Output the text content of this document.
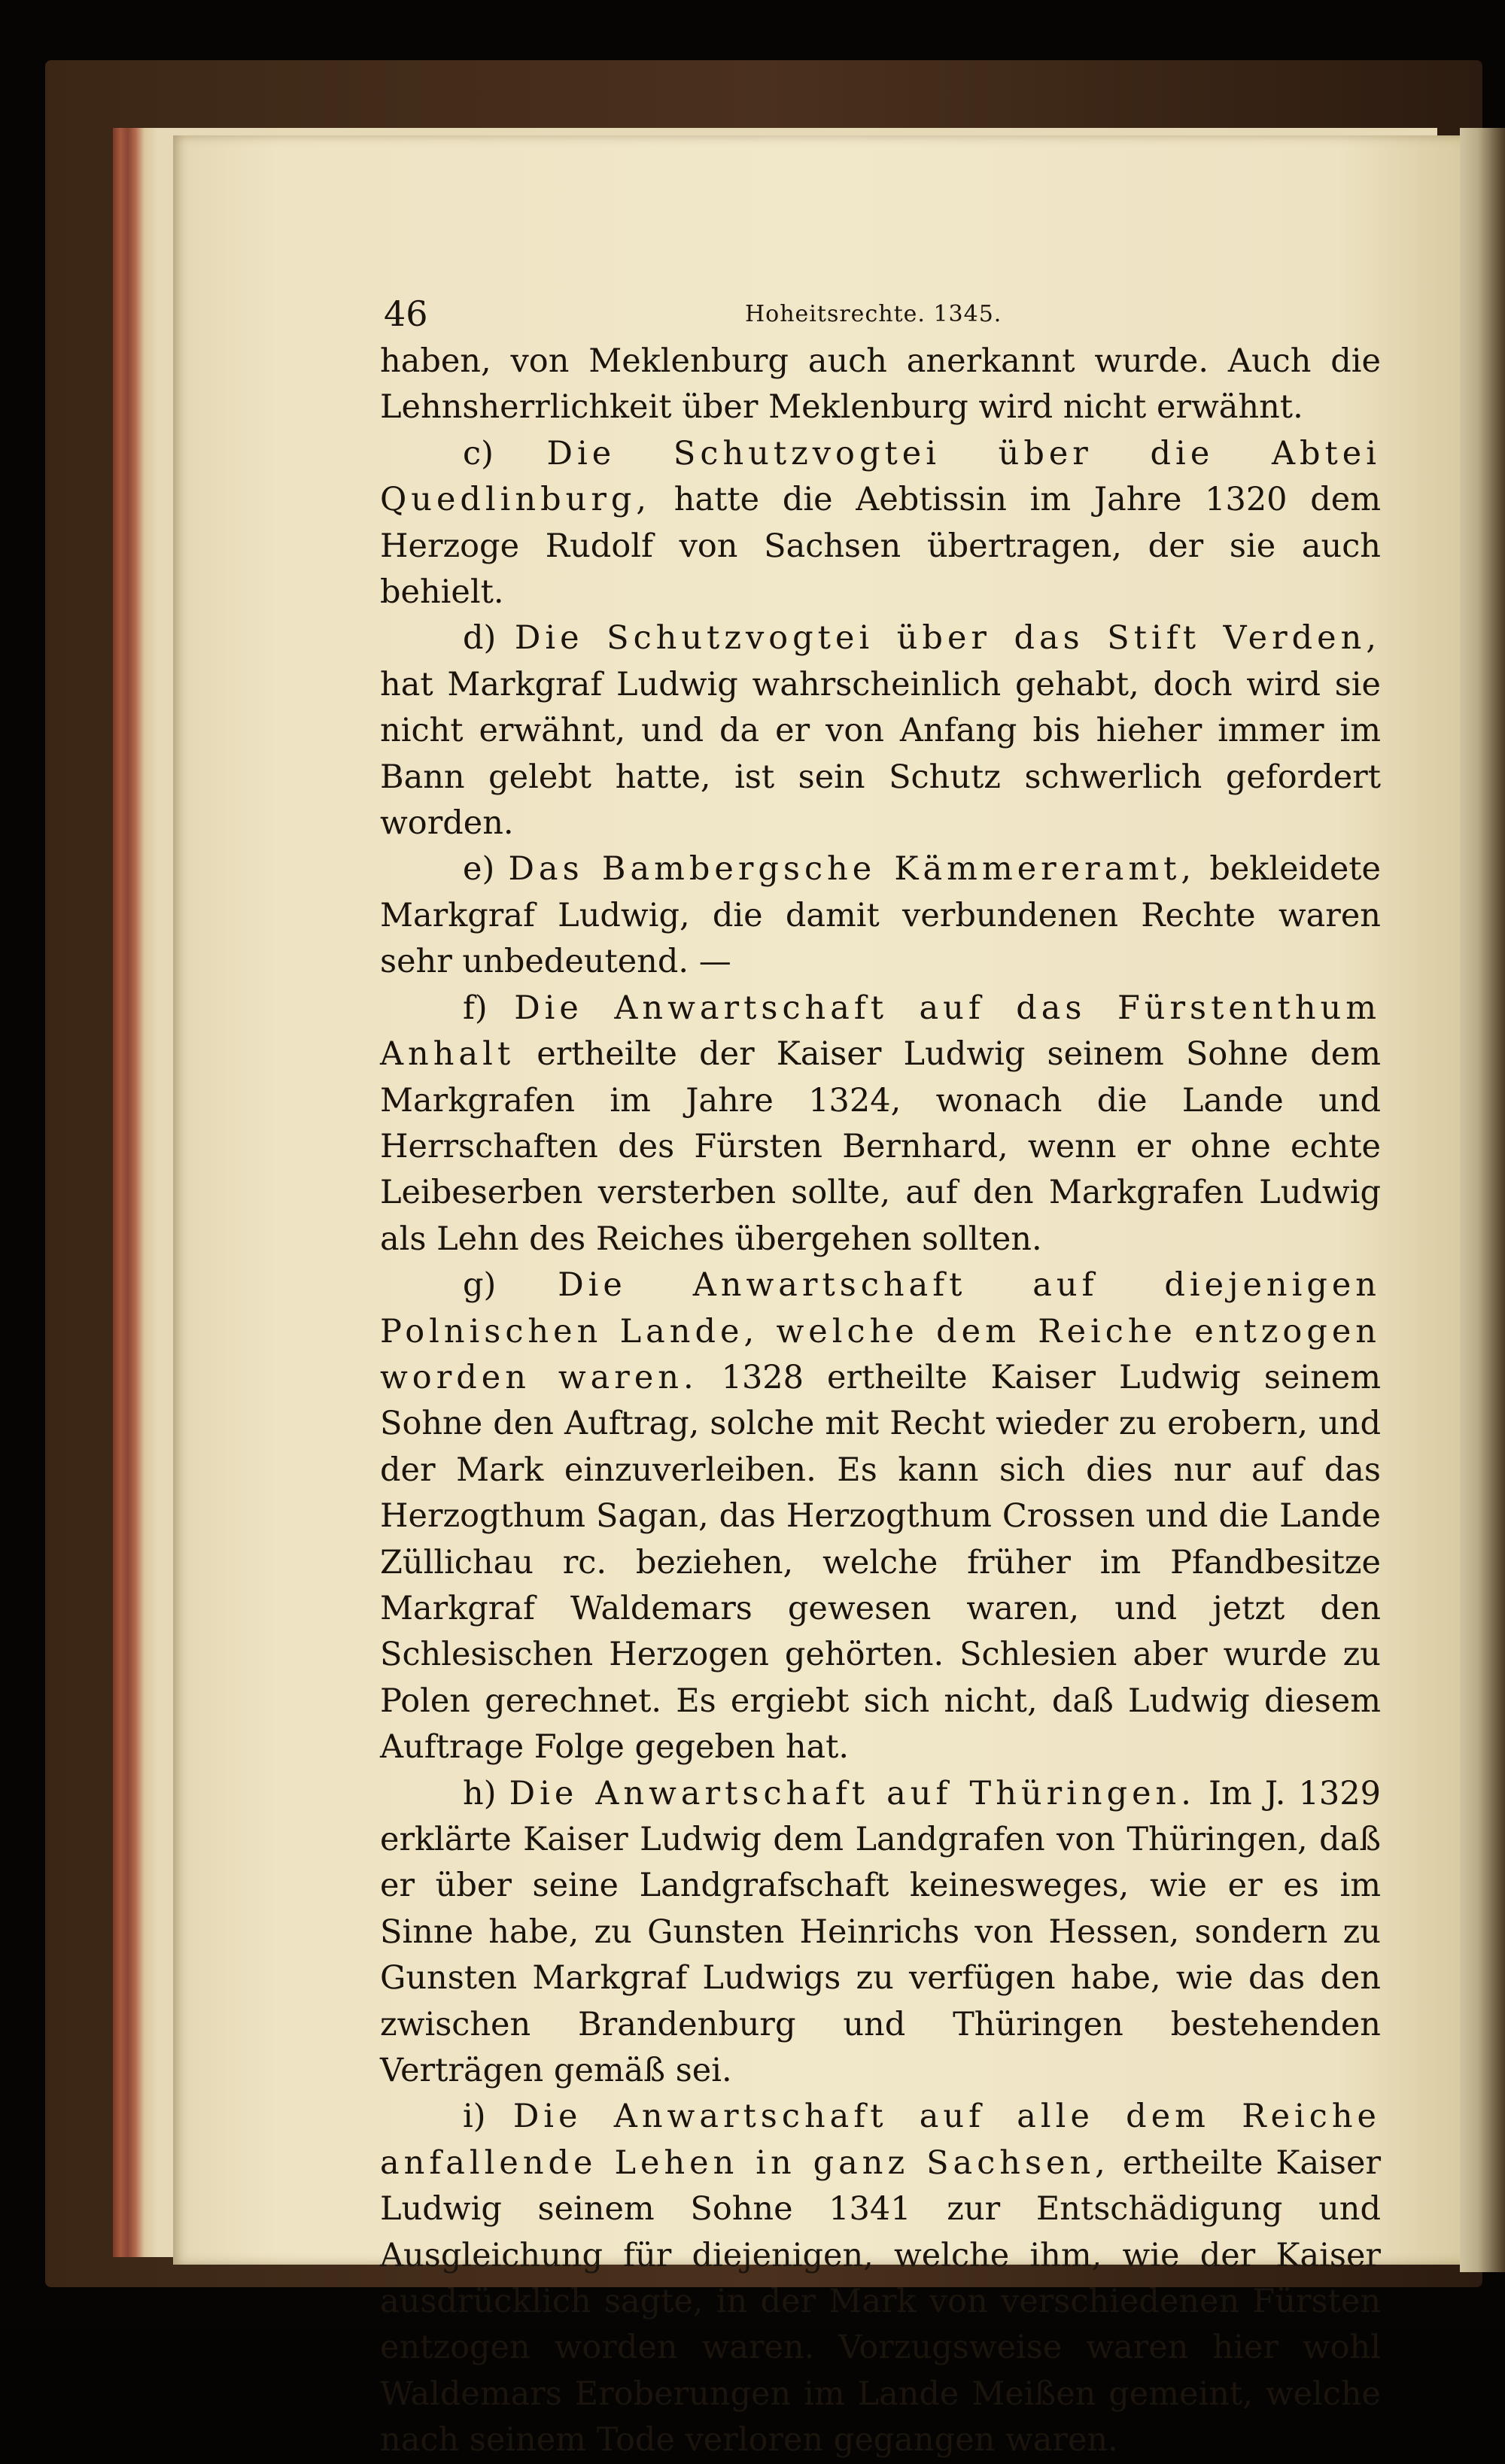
46	Hoheitsrechte. 1345.

haben, von Meklenburg auch anerkannt wurde. Auch die Lehnsherrlichkeit über Meklenburg wird nicht erwähnt.

c) Die Schutzvogtei über die Abtei Quedlinburg, hatte die Aebtissin im Jahre 1320 dem Herzoge Rudolf von Sachsen übertragen, der sie auch behielt.

d) Die Schutzvogtei über das Stift Verden, hat Markgraf Ludwig wahrscheinlich gehabt, doch wird sie nicht erwähnt, und da er von Anfang bis hieher immer im Bann gelebt hatte, ist sein Schutz schwerlich gefordert worden.

e) Das Bambergsche Kämmereramt, bekleidete Markgraf Ludwig, die damit verbundenen Rechte waren sehr unbedeutend. —

f) Die Anwartschaft auf das Fürstenthum Anhalt ertheilte der Kaiser Ludwig seinem Sohne dem Markgrafen im Jahre 1324, wonach die Lande und Herrschaften des Fürsten Bernhard, wenn er ohne echte Leibeserben versterben sollte, auf den Markgrafen Ludwig als Lehn des Reiches übergehen sollten.

g) Die Anwartschaft auf diejenigen Polnischen Lande, welche dem Reiche entzogen worden waren. 1328 ertheilte Kaiser Ludwig seinem Sohne den Auftrag, solche mit Recht wieder zu erobern, und der Mark einzuverleiben. Es kann sich dies nur auf das Herzogthum Sagan, das Herzogthum Crossen und die Lande Züllichau rc. beziehen, welche früher im Pfandbesitze Markgraf Waldemars gewesen waren, und jetzt den Schlesischen Herzogen gehörten. Schlesien aber wurde zu Polen gerechnet. Es ergiebt sich nicht, daß Ludwig diesem Auftrage Folge gegeben hat.

h) Die Anwartschaft auf Thüringen. Im J. 1329 erklärte Kaiser Ludwig dem Landgrafen von Thüringen, daß er über seine Landgrafschaft keinesweges, wie er es im Sinne habe, zu Gunsten Heinrichs von Hessen, sondern zu Gunsten Markgraf Ludwigs zu verfügen habe, wie das den zwischen Brandenburg und Thüringen bestehenden Verträgen gemäß sei.

i) Die Anwartschaft auf alle dem Reiche anfallende Lehen in ganz Sachsen, ertheilte Kaiser Ludwig seinem Sohne 1341 zur Entschädigung und Ausgleichung für diejenigen, welche ihm, wie der Kaiser ausdrücklich sagte, in der Mark von verschiedenen Fürsten entzogen worden waren. Vorzugsweise waren hier wohl Waldemars Eroberungen im Lande Meißen gemeint, welche nach seinem Tode verloren gegangen waren.
